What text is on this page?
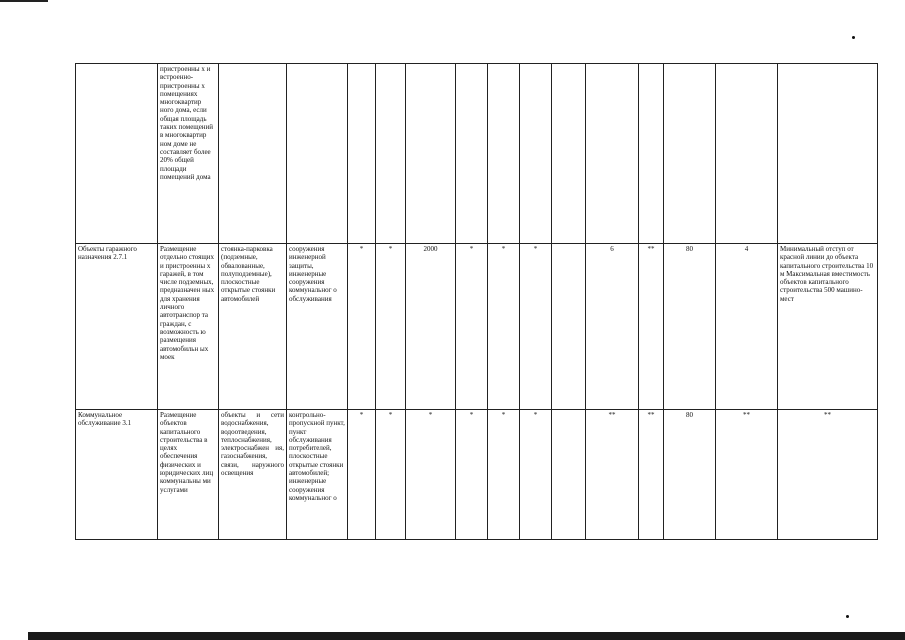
	пристроенны х и встроенно-пристроенны х помещениях многоквартир ного дома, если общая площадь таких помещений в многоквартир ном доме не составляет более 20% общей площади помещений дома														
Объекты гаражного назначения 2.7.1	Размещение отдельно стоящих и пристроенны х гаражей, в том числе подземных, предназначен ных для хранения личного автотранспор та граждан, с возможность ю размещения автомобильн ых моек	стоянка-парковка (подземные, обвалованные, полуподземные), плоскостные открытые стоянки автомобилей	сооружения инженерной защиты, инженерные сооружения коммунальног о обслуживания	*	*	2000	*	*	*		6	**	80	4	Минимальный отступ от красной линии до объекта капитального строительства 10 м Максимальная вместимость объектов капитального строительства 500 машино-мест
Коммунальное обслуживание 3.1	Размещение объектов капитального строительства в целях обеспечения физических и юридических лиц коммунальны ми услугами	объекты и сети водоснабжения, водоотведения, теплоснабжения, электроснабжен ия, газоснабжения, связи, наружного освещения	контрольно-пропускной пункт, пункт обслуживания потребителей, плоскостные открытые стоянки автомобилей; инженерные сооружения коммунальног о	*	*	*	*	*	*		**	**	80	**	**
